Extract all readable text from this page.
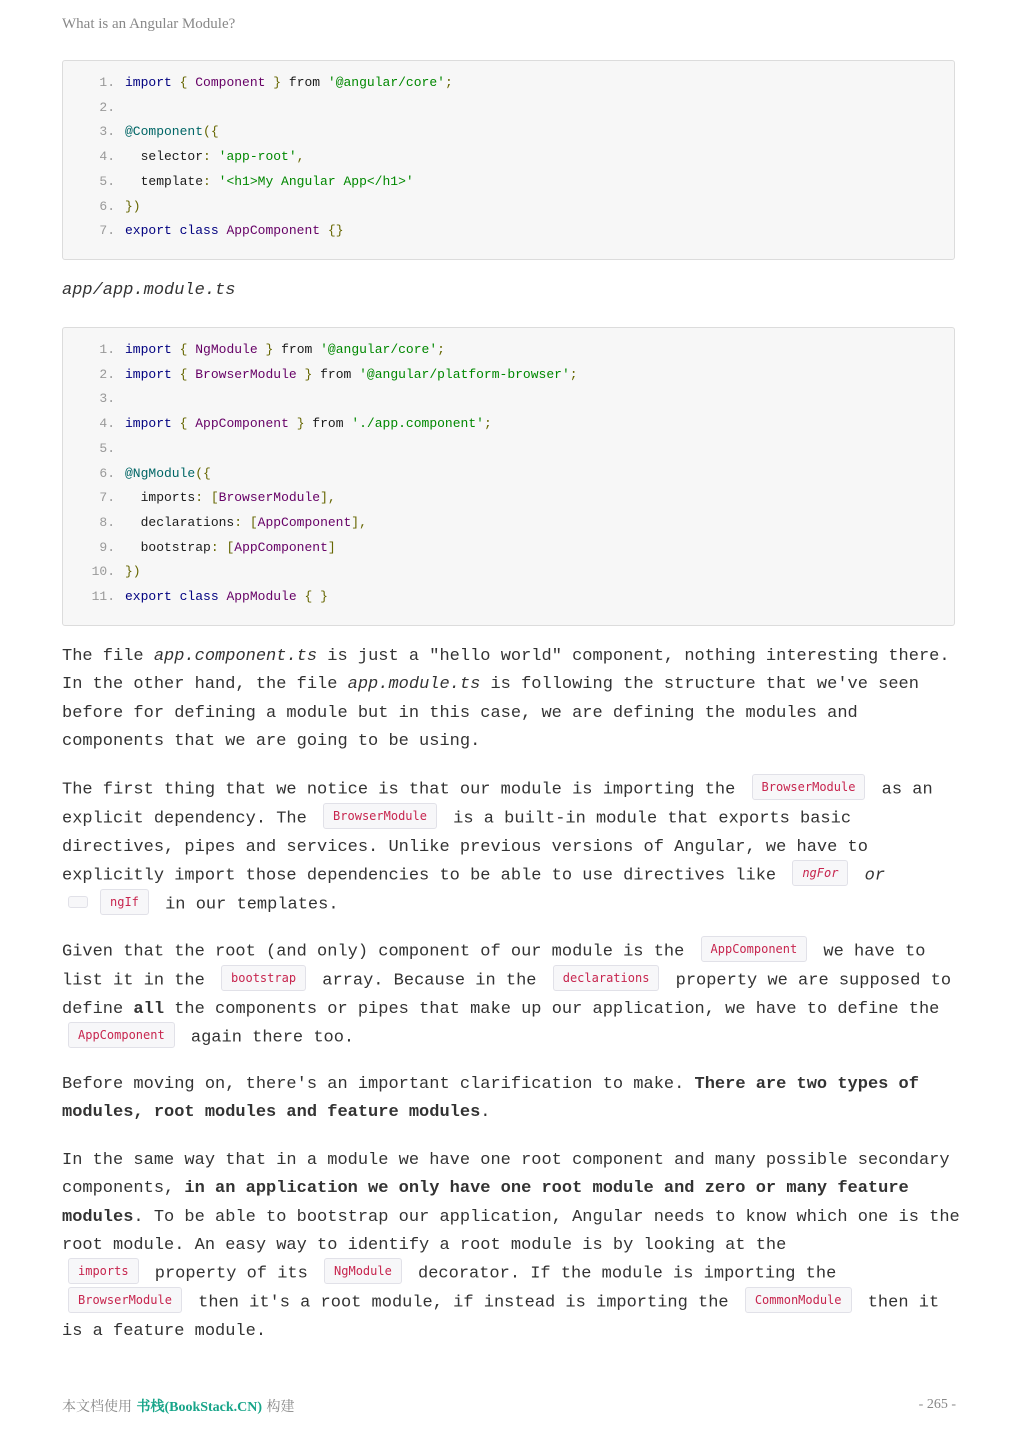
What is an Angular Module?
1. import { Component } from '@angular/core';
2.
3. @Component({
4.  selector: 'app-root',
5.  template: '<h1>My Angular App</h1>'
6. })
7. export class AppComponent {}
app/app.module.ts
1. import { NgModule } from '@angular/core';
2. import { BrowserModule } from '@angular/platform-browser';
3.
4. import { AppComponent } from './app.component';
5.
6. @NgModule({
7.  imports: [BrowserModule],
8.  declarations: [AppComponent],
9.  bootstrap: [AppComponent]
10. })
11. export class AppModule { }
The file app.component.ts is just a "hello world" component, nothing interesting there. In the other hand, the file app.module.ts is following the structure that we've seen before for defining a module but in this case, we are defining the modules and components that we are going to be using.
The first thing that we notice is that our module is importing the BrowserModule as an explicit dependency. The BrowserModule is a built-in module that exports basic directives, pipes and services. Unlike previous versions of Angular, we have to explicitly import those dependencies to be able to use directives like ngFor or
ngIf in our templates.
Given that the root (and only) component of our module is the AppComponent we have to list it in the bootstrap array. Because in the declarations property we are supposed to define all the components or pipes that make up our application, we have to define the AppComponent again there too.
Before moving on, there's an important clarification to make. There are two types of modules, root modules and feature modules.
In the same way that in a module we have one root component and many possible secondary components, in an application we only have one root module and zero or many feature modules. To be able to bootstrap our application, Angular needs to know which one is the root module. An easy way to identify a root module is by looking at the
imports property of its NgModule decorator. If the module is importing the
BrowserModule then it's a root module, if instead is importing the CommonModule then it is a feature module.
本文档使用 书栈(BookStack.CN) 构建	- 265 -
